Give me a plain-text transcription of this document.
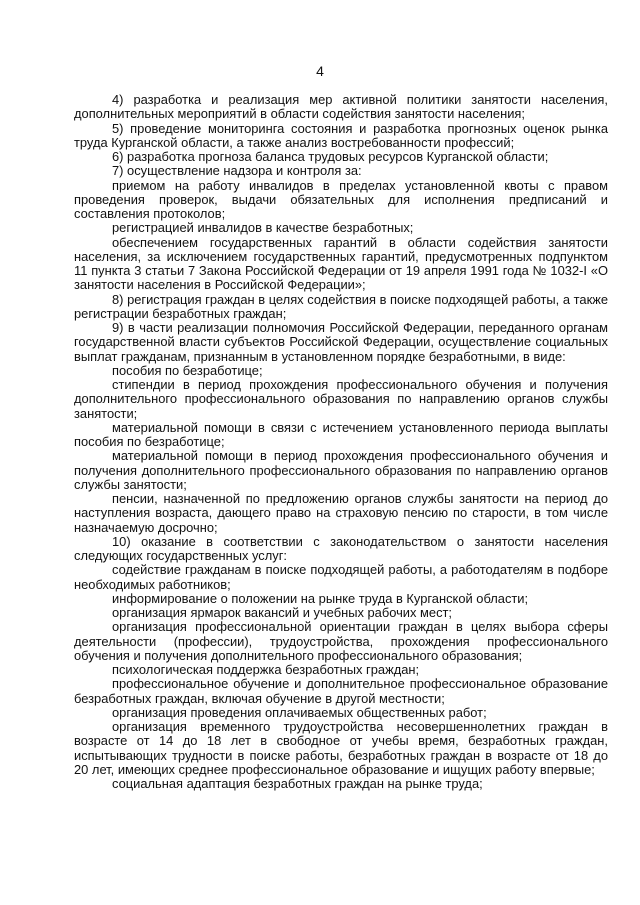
4

4) разработка и реализация мер активной политики занятости населения, дополнительных мероприятий в области содействия занятости населения;

5) проведение мониторинга состояния и разработка прогнозных оценок рынка труда Курганской области, а также анализ востребованности профессий;

6) разработка прогноза баланса трудовых ресурсов Курганской области;

7) осуществление надзора и контроля за:

приемом на работу инвалидов в пределах установленной квоты с правом проведения проверок, выдачи обязательных для исполнения предписаний и составления протоколов;

регистрацией инвалидов в качестве безработных;

обеспечением государственных гарантий в области содействия занятости населения, за исключением государственных гарантий, предусмотренных подпунктом 11 пункта 3 статьи 7 Закона Российской Федерации от 19 апреля 1991 года № 1032-I «О занятости населения в Российской Федерации»;

8) регистрация граждан в целях содействия в поиске подходящей работы, а также регистрации безработных граждан;

9) в части реализации полномочия Российской Федерации, переданного органам государственной власти субъектов Российской Федерации, осуществление социальных выплат гражданам, признанным в установленном порядке безработными, в виде:

пособия по безработице;

стипендии в период прохождения профессионального обучения и получения дополнительного профессионального образования по направлению органов службы занятости;

материальной помощи в связи с истечением установленного периода выплаты пособия по безработице;

материальной помощи в период прохождения профессионального обучения и получения дополнительного профессионального образования по направлению органов службы занятости;

пенсии, назначенной по предложению органов службы занятости на период до наступления возраста, дающего право на страховую пенсию по старости, в том числе назначаемую досрочно;

10) оказание в соответствии с законодательством о занятости населения следующих государственных услуг:

содействие гражданам в поиске подходящей работы, а работодателям в подборе необходимых работников;

информирование о положении на рынке труда в Курганской области;

организация ярмарок вакансий и учебных рабочих мест;

организация профессиональной ориентации граждан в целях выбора сферы деятельности (профессии), трудоустройства, прохождения профессионального обучения и получения дополнительного профессионального образования;

психологическая поддержка безработных граждан;

профессиональное обучение и дополнительное профессиональное образование безработных граждан, включая обучение в другой местности;

организация проведения оплачиваемых общественных работ;

организация временного трудоустройства несовершеннолетних граждан в возрасте от 14 до 18 лет в свободное от учебы время, безработных граждан, испытывающих трудности в поиске работы, безработных граждан в возрасте от 18 до 20 лет, имеющих среднее профессиональное образование и ищущих работу впервые;

социальная адаптация безработных граждан на рынке труда;
